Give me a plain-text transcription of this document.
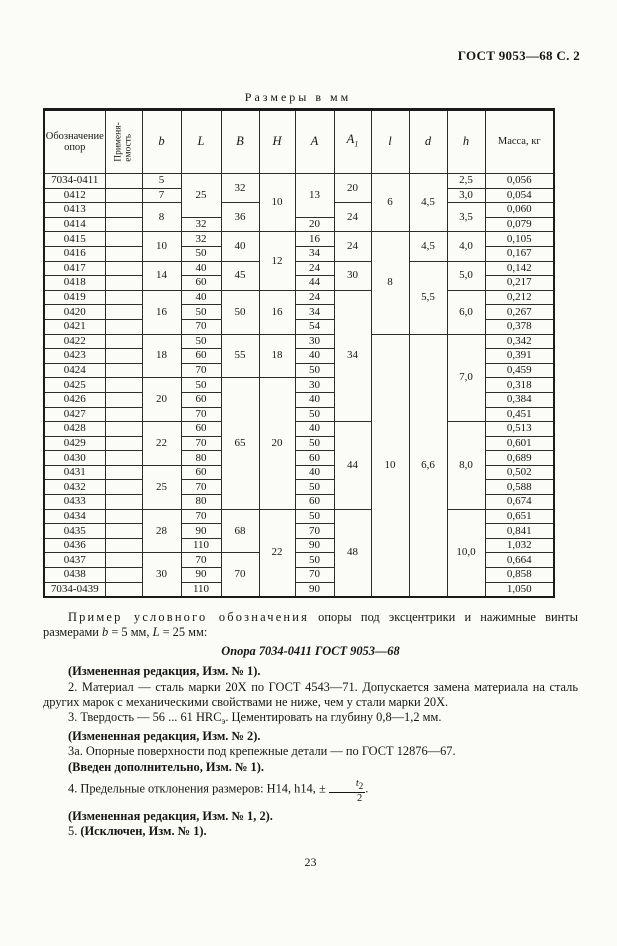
ГОСТ 9053—68 С. 2
Размеры в мм
Обозначение опор	Применя- емость	b	L	B	H	A	$A_1$	l	d	h	Масса, кг
7034-0411		5	25	32	10	13	20	6	4,5	2,5	0,056
0412		7								3,0	0,054
0413		8		36			24			3,5	0,060
0414			32			20					0,079
0415		10	32	40	12	16	24	8	4,5	4,0	0,105
0416			50			34					0,167
0417		14	40	45		24	30		5,5	5,0	0,142
0418			60			44					0,217
0419		16	40	50	16	24	34			6,0	0,212
0420			50			34					0,267
0421			70			54					0,378
0422		18	50	55	18	30		10	6,6	7,0	0,342
0423			60			40					0,391
0424			70			50					0,459
0425		20	50	65	20	30					0,318
0426			60			40					0,384
0427			70			50					0,451
0428		22	60			40	44			8,0	0,513
0429			70			50					0,601
0430			80			60					0,689
0431		25	60			40					0,502
0432			70			50					0,588
0433			80			60					0,674
0434		28	70	68	22	50	48			10,0	0,651
0435			90			70					0,841
0436			110			90					1,032
0437		30	70	70		50					0,664
0438			90			70					0,858
7034-0439			110			90					1,050

Пример условного обозначения опоры под эксцентрики и нажимные винты размерами b = 5 мм, L = 25 мм:

Опора 7034-0411 ГОСТ 9053—68

(Измененная редакция, Изм. № 1).

2. Материал — сталь марки 20Х по ГОСТ 4543—71. Допускается замена материала на сталь других марок с механическими свойствами не ниже, чем у стали марки 20Х.

3. Твердость — 56 ... 61 $HRC_э$. Цементировать на глубину 0,8—1,2 мм.

(Измененная редакция, Изм. № 2).

3а. Опорные поверхности под крепежные детали — по ГОСТ 12876—67.

(Введен дополнительно, Изм. № 1).

4. Предельные отклонения размеров: H14, h14, ± $\frac{t_2}{2}$ .

(Измененная редакция, Изм. № 1, 2).

5. (Исключен, Изм. № 1).

23
